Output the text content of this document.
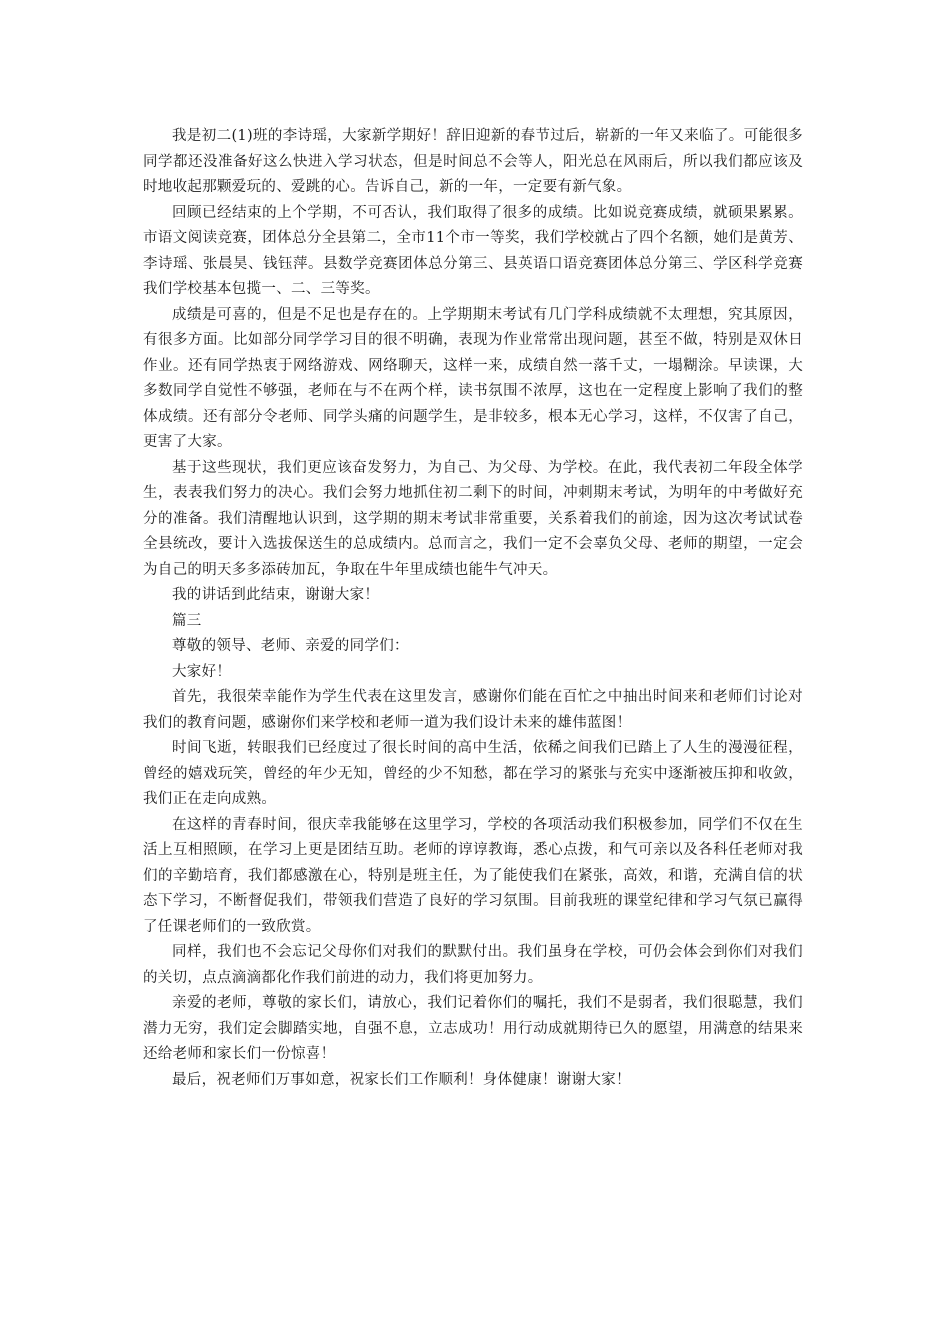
我是初二(1)班的李诗瑶，大家新学期好！辞旧迎新的春节过后，崭新的一年又来临了。可能很多同学都还没准备好这么快进入学习状态，但是时间总不会等人，阳光总在风雨后，所以我们都应该及时地收起那颗爱玩的、爱跳的心。告诉自己，新的一年，一定要有新气象。

回顾已经结束的上个学期，不可否认，我们取得了很多的成绩。比如说竞赛成绩，就硕果累累。市语文阅读竞赛，团体总分全县第二，全市11个市一等奖，我们学校就占了四个名额，她们是黄芳、李诗瑶、张晨昊、钱钰萍。县数学竞赛团体总分第三、县英语口语竞赛团体总分第三、学区科学竞赛我们学校基本包揽一、二、三等奖。

成绩是可喜的，但是不足也是存在的。上学期期末考试有几门学科成绩就不太理想，究其原因，有很多方面。比如部分同学学习目的很不明确，表现为作业常常出现问题，甚至不做，特别是双休日作业。还有同学热衷于网络游戏、网络聊天，这样一来，成绩自然一落千丈，一塌糊涂。早读课，大多数同学自觉性不够强，老师在与不在两个样，读书氛围不浓厚，这也在一定程度上影响了我们的整体成绩。还有部分令老师、同学头痛的问题学生，是非较多，根本无心学习，这样，不仅害了自己，更害了大家。

基于这些现状，我们更应该奋发努力，为自己、为父母、为学校。在此，我代表初二年段全体学生，表表我们努力的决心。我们会努力地抓住初二剩下的时间，冲刺期末考试，为明年的中考做好充分的准备。我们清醒地认识到，这学期的期末考试非常重要，关系着我们的前途，因为这次考试试卷全县统改，要计入选拔保送生的总成绩内。总而言之，我们一定不会辜负父母、老师的期望，一定会为自己的明天多多添砖加瓦，争取在牛年里成绩也能牛气冲天。

我的讲话到此结束，谢谢大家！

篇三

尊敬的领导、老师、亲爱的同学们：

大家好！

首先，我很荣幸能作为学生代表在这里发言，感谢你们能在百忙之中抽出时间来和老师们讨论对我们的教育问题，感谢你们来学校和老师一道为我们设计未来的雄伟蓝图！

时间飞逝，转眼我们已经度过了很长时间的高中生活，依稀之间我们已踏上了人生的漫漫征程，曾经的嬉戏玩笑，曾经的年少无知，曾经的少不知愁，都在学习的紧张与充实中逐渐被压抑和收敛，我们正在走向成熟。

在这样的青春时间，很庆幸我能够在这里学习，学校的各项活动我们积极参加，同学们不仅在生活上互相照顾，在学习上更是团结互助。老师的谆谆教诲，悉心点拨，和气可亲以及各科任老师对我们的辛勤培育，我们都感激在心，特别是班主任，为了能使我们在紧张，高效，和谐，充满自信的状态下学习，不断督促我们，带领我们营造了良好的学习氛围。目前我班的课堂纪律和学习气氛已赢得了任课老师们的一致欣赏。

同样，我们也不会忘记父母你们对我们的默默付出。我们虽身在学校，可仍会体会到你们对我们的关切，点点滴滴都化作我们前进的动力，我们将更加努力。

亲爱的老师，尊敬的家长们，请放心，我们记着你们的嘱托，我们不是弱者，我们很聪慧，我们潜力无穷，我们定会脚踏实地，自强不息，立志成功！用行动成就期待已久的愿望，用满意的结果来还给老师和家长们一份惊喜！

最后，祝老师们万事如意，祝家长们工作顺利！身体健康！谢谢大家！
